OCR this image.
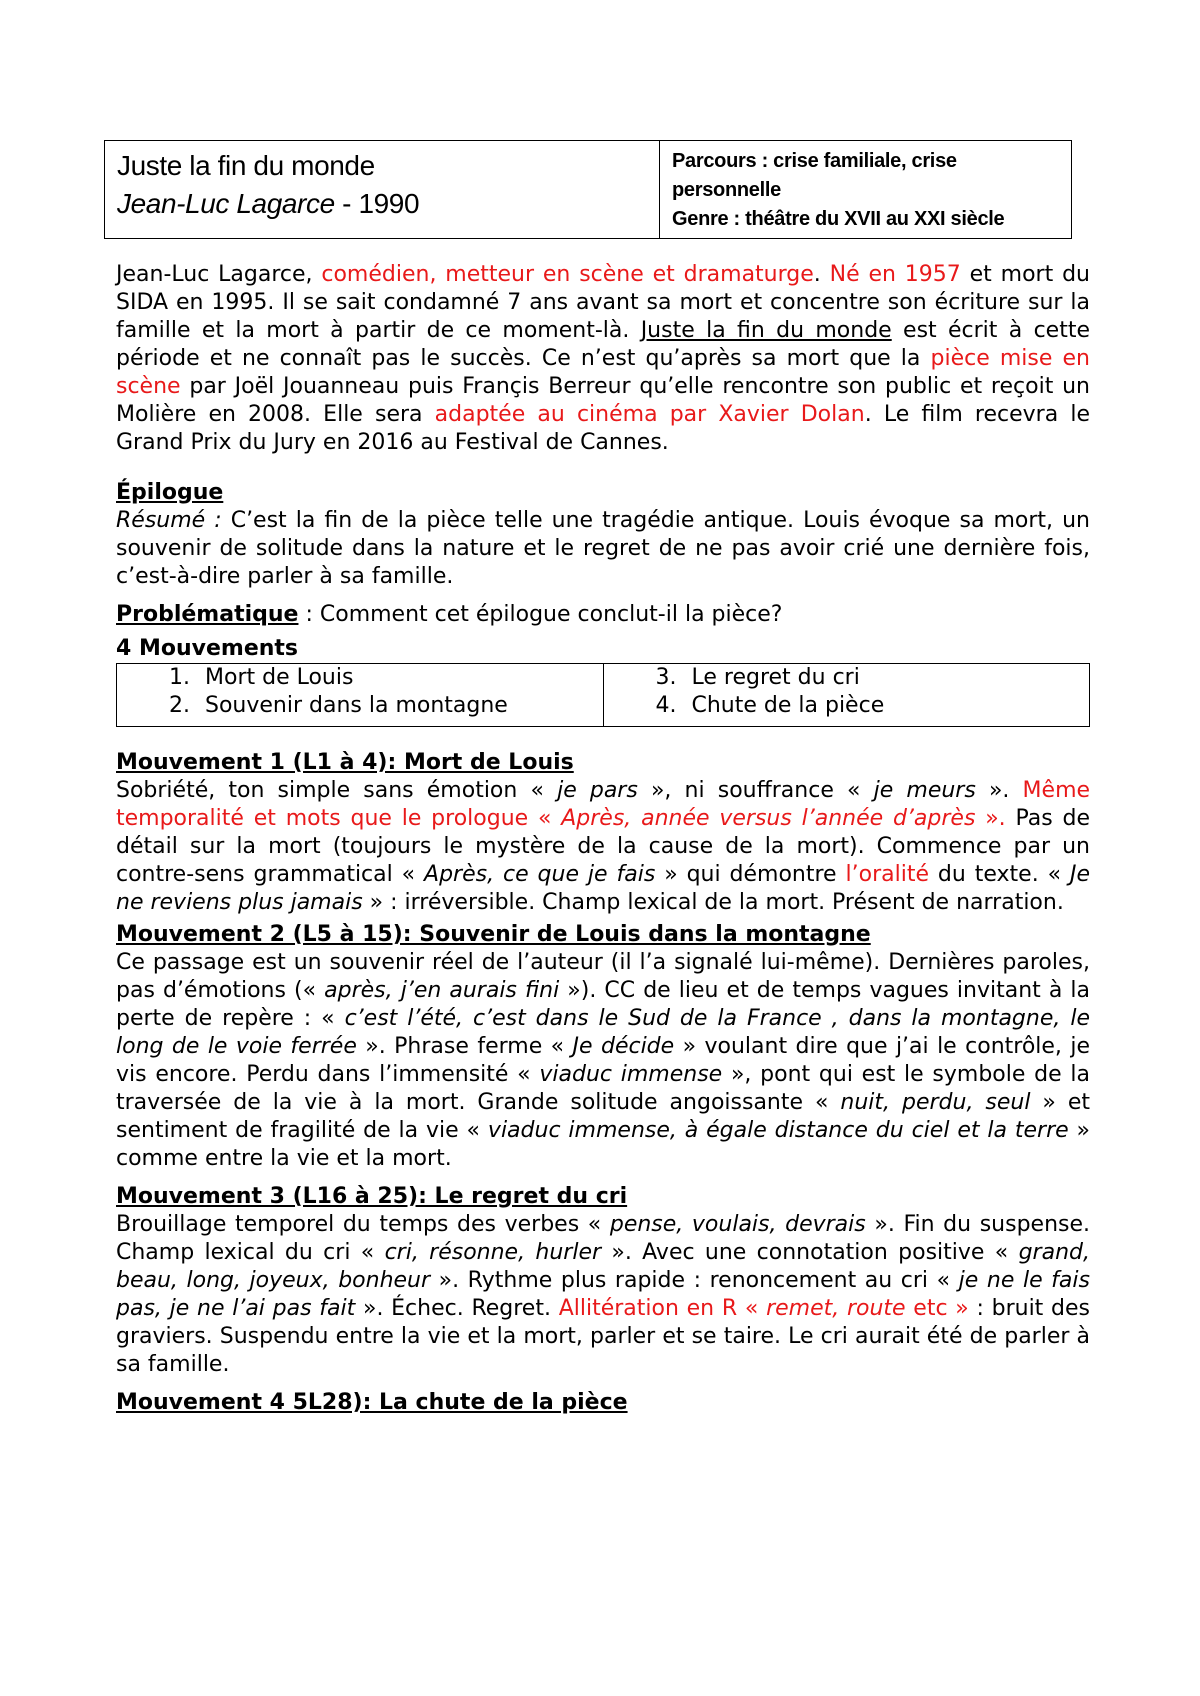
Juste la fin du monde
Jean-Luc Lagarce - 1990

Parcours : crise familiale, crise personnelle
Genre : théâtre du XVII au XXI siècle

Jean-Luc Lagarce, comédien, metteur en scène et dramaturge. Né en 1957 et mort du SIDA en 1995. Il se sait condamné 7 ans avant sa mort et concentre son écriture sur la famille et la mort à partir de ce moment-là. Juste la fin du monde est écrit à cette période et ne connaît pas le succès. Ce n’est qu’après sa mort que la pièce mise en scène par Joël Jouanneau puis Françis Berreur qu’elle rencontre son public et reçoit un Molière en 2008. Elle sera adaptée au cinéma par Xavier Dolan. Le film recevra le Grand Prix du Jury en 2016 au Festival de Cannes.

Épilogue

Résumé : C’est la fin de la pièce telle une tragédie antique. Louis évoque sa mort, un souvenir de solitude dans la nature et le regret de ne pas avoir crié une dernière fois, c’est-à-dire parler à sa famille.

Problématique : Comment cet épilogue conclut-il la pièce?

4 Mouvements

1. Mort de Louis
2. Souvenir dans la montagne

3. Le regret du cri
4. Chute de la pièce

Mouvement 1 (L1 à 4): Mort de Louis

Sobriété, ton simple sans émotion « je pars », ni souffrance « je meurs ». Même temporalité et mots que le prologue « Après, année versus l’année d’après ». Pas de détail sur la mort (toujours le mystère de la cause de la mort). Commence par un contre-sens grammatical « Après, ce que je fais » qui démontre l’oralité du texte. « Je ne reviens plus jamais » : irréversible. Champ lexical de la mort. Présent de narration.

Mouvement 2 (L5 à 15): Souvenir de Louis dans la montagne

Ce passage est un souvenir réel de l’auteur (il l’a signalé lui-même). Dernières paroles, pas d’émotions (« après, j’en aurais fini »). CC de lieu et de temps vagues invitant à la perte de repère : « c’est l’été, c’est dans le Sud de la France , dans la montagne, le long de le voie ferrée ». Phrase ferme « Je décide » voulant dire que j’ai le contrôle, je vis encore. Perdu dans l’immensité « viaduc immense », pont qui est le symbole de la traversée de la vie à la mort. Grande solitude angoissante « nuit, perdu, seul » et sentiment de fragilité de la vie « viaduc immense, à égale distance du ciel et la terre » comme entre la vie et la mort.

Mouvement 3 (L16 à 25): Le regret du cri

Brouillage temporel du temps des verbes « pense, voulais, devrais ». Fin du suspense. Champ lexical du cri « cri, résonne, hurler ». Avec une connotation positive « grand, beau, long, joyeux, bonheur ». Rythme plus rapide : renoncement au cri « je ne le fais pas, je ne l’ai pas fait ». Échec. Regret. Allitération en R « remet, route etc » : bruit des graviers. Suspendu entre la vie et la mort, parler et se taire. Le cri aurait été de parler à sa famille.

Mouvement 4 5L28): La chute de la pièce
